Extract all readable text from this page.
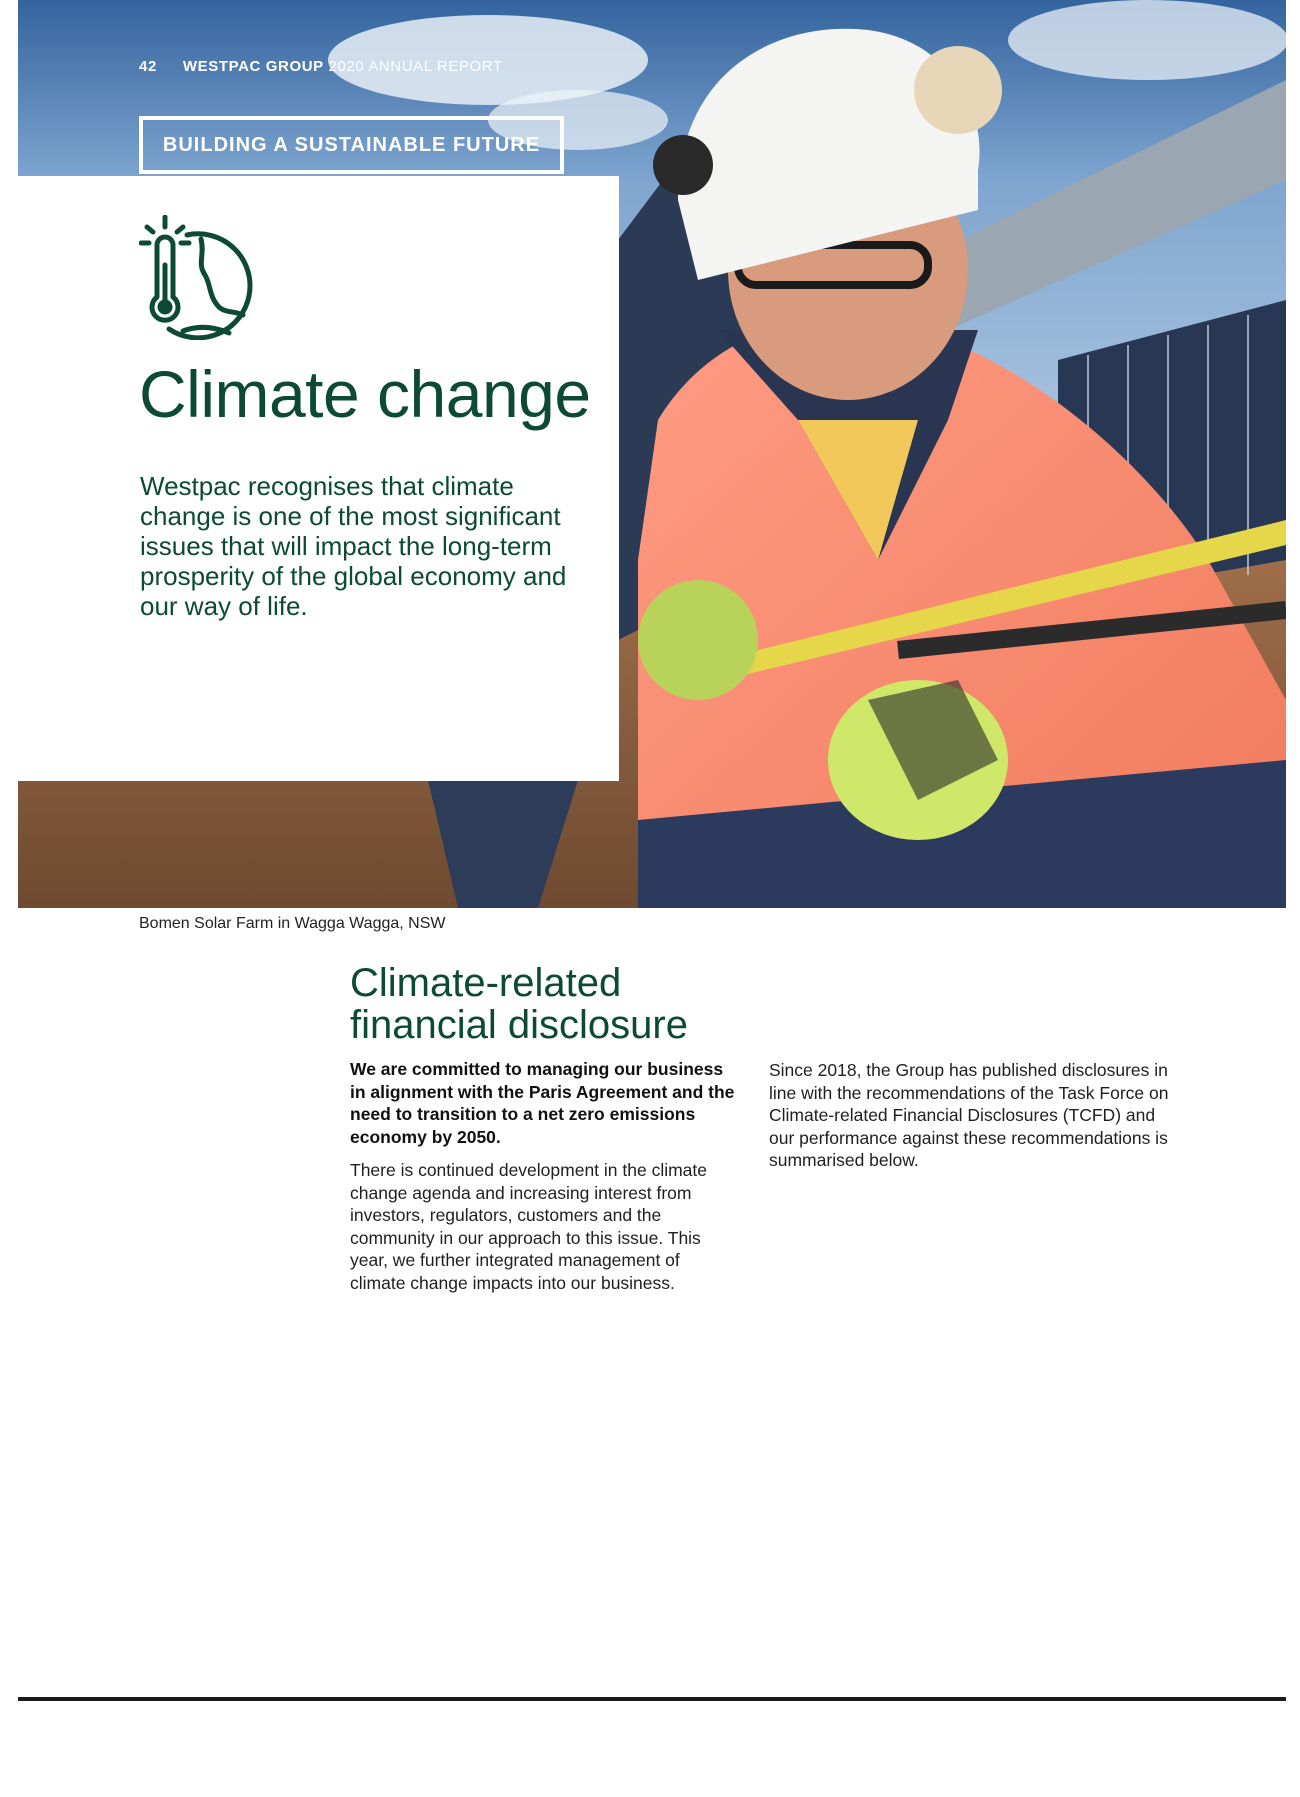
42 WESTPAC GROUP 2020 ANNUAL REPORT
BUILDING A SUSTAINABLE FUTURE
Climate change

Westpac recognises that climate change is one of the most significant issues that will impact the long-term prosperity of the global economy and our way of life.

Bomen Solar Farm in Wagga Wagga, NSW

Climate-related
financial disclosure

We are committed to managing our business in alignment with the Paris Agreement and the need to transition to a net zero emissions economy by 2050.

There is continued development in the climate change agenda and increasing interest from investors, regulators, customers and the community in our approach to this issue. This year, we further integrated management of climate change impacts into our business.

Since 2018, the Group has published disclosures in line with the recommendations of the Task Force on Climate-related Financial Disclosures (TCFD) and our performance against these recommendations is summarised below.
